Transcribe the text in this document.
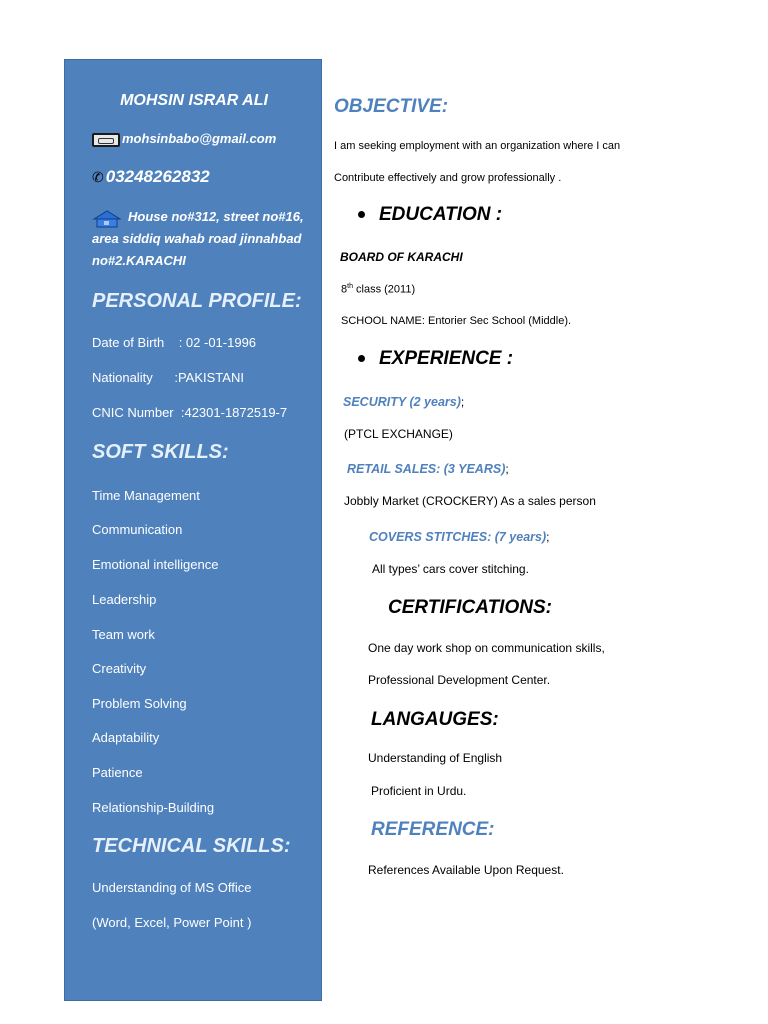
MOHSIN ISRAR ALI
mohsinbabo@gmail.com
✆ 03248262832
House no#312, street no#16, area siddiq wahab road jinnahbad no#2.KARACHI
PERSONAL PROFILE:
Date of Birth    : 02 -01-1996
Nationality      :PAKISTANI
CNIC Number  :42301-1872519-7
SOFT SKILLS:
Time Management
Communication
Emotional intelligence
Leadership
Team work
Creativity
Problem Solving
Adaptability
Patience
Relationship-Building
TECHNICAL SKILLS:
Understanding of MS Office
(Word, Excel, Power Point )
OBJECTIVE:
I am seeking employment with an organization where I can
Contribute effectively and grow professionally .
EDUCATION :
BOARD OF KARACHI
8th class (2011)
SCHOOL NAME: Entorier Sec School (Middle).
EXPERIENCE :
SECURITY (2 years);
(PTCL EXCHANGE)
RETAIL SALES: (3 YEARS);
Jobbly Market (CROCKERY) As a sales person
COVERS STITCHES: (7 years);
All types’ cars cover stitching.
CERTIFICATIONS:
One day work shop on communication skills,
Professional Development Center.
LANGAUGES:
Understanding of English
Proficient in Urdu.
REFERENCE:
References Available Upon Request.
